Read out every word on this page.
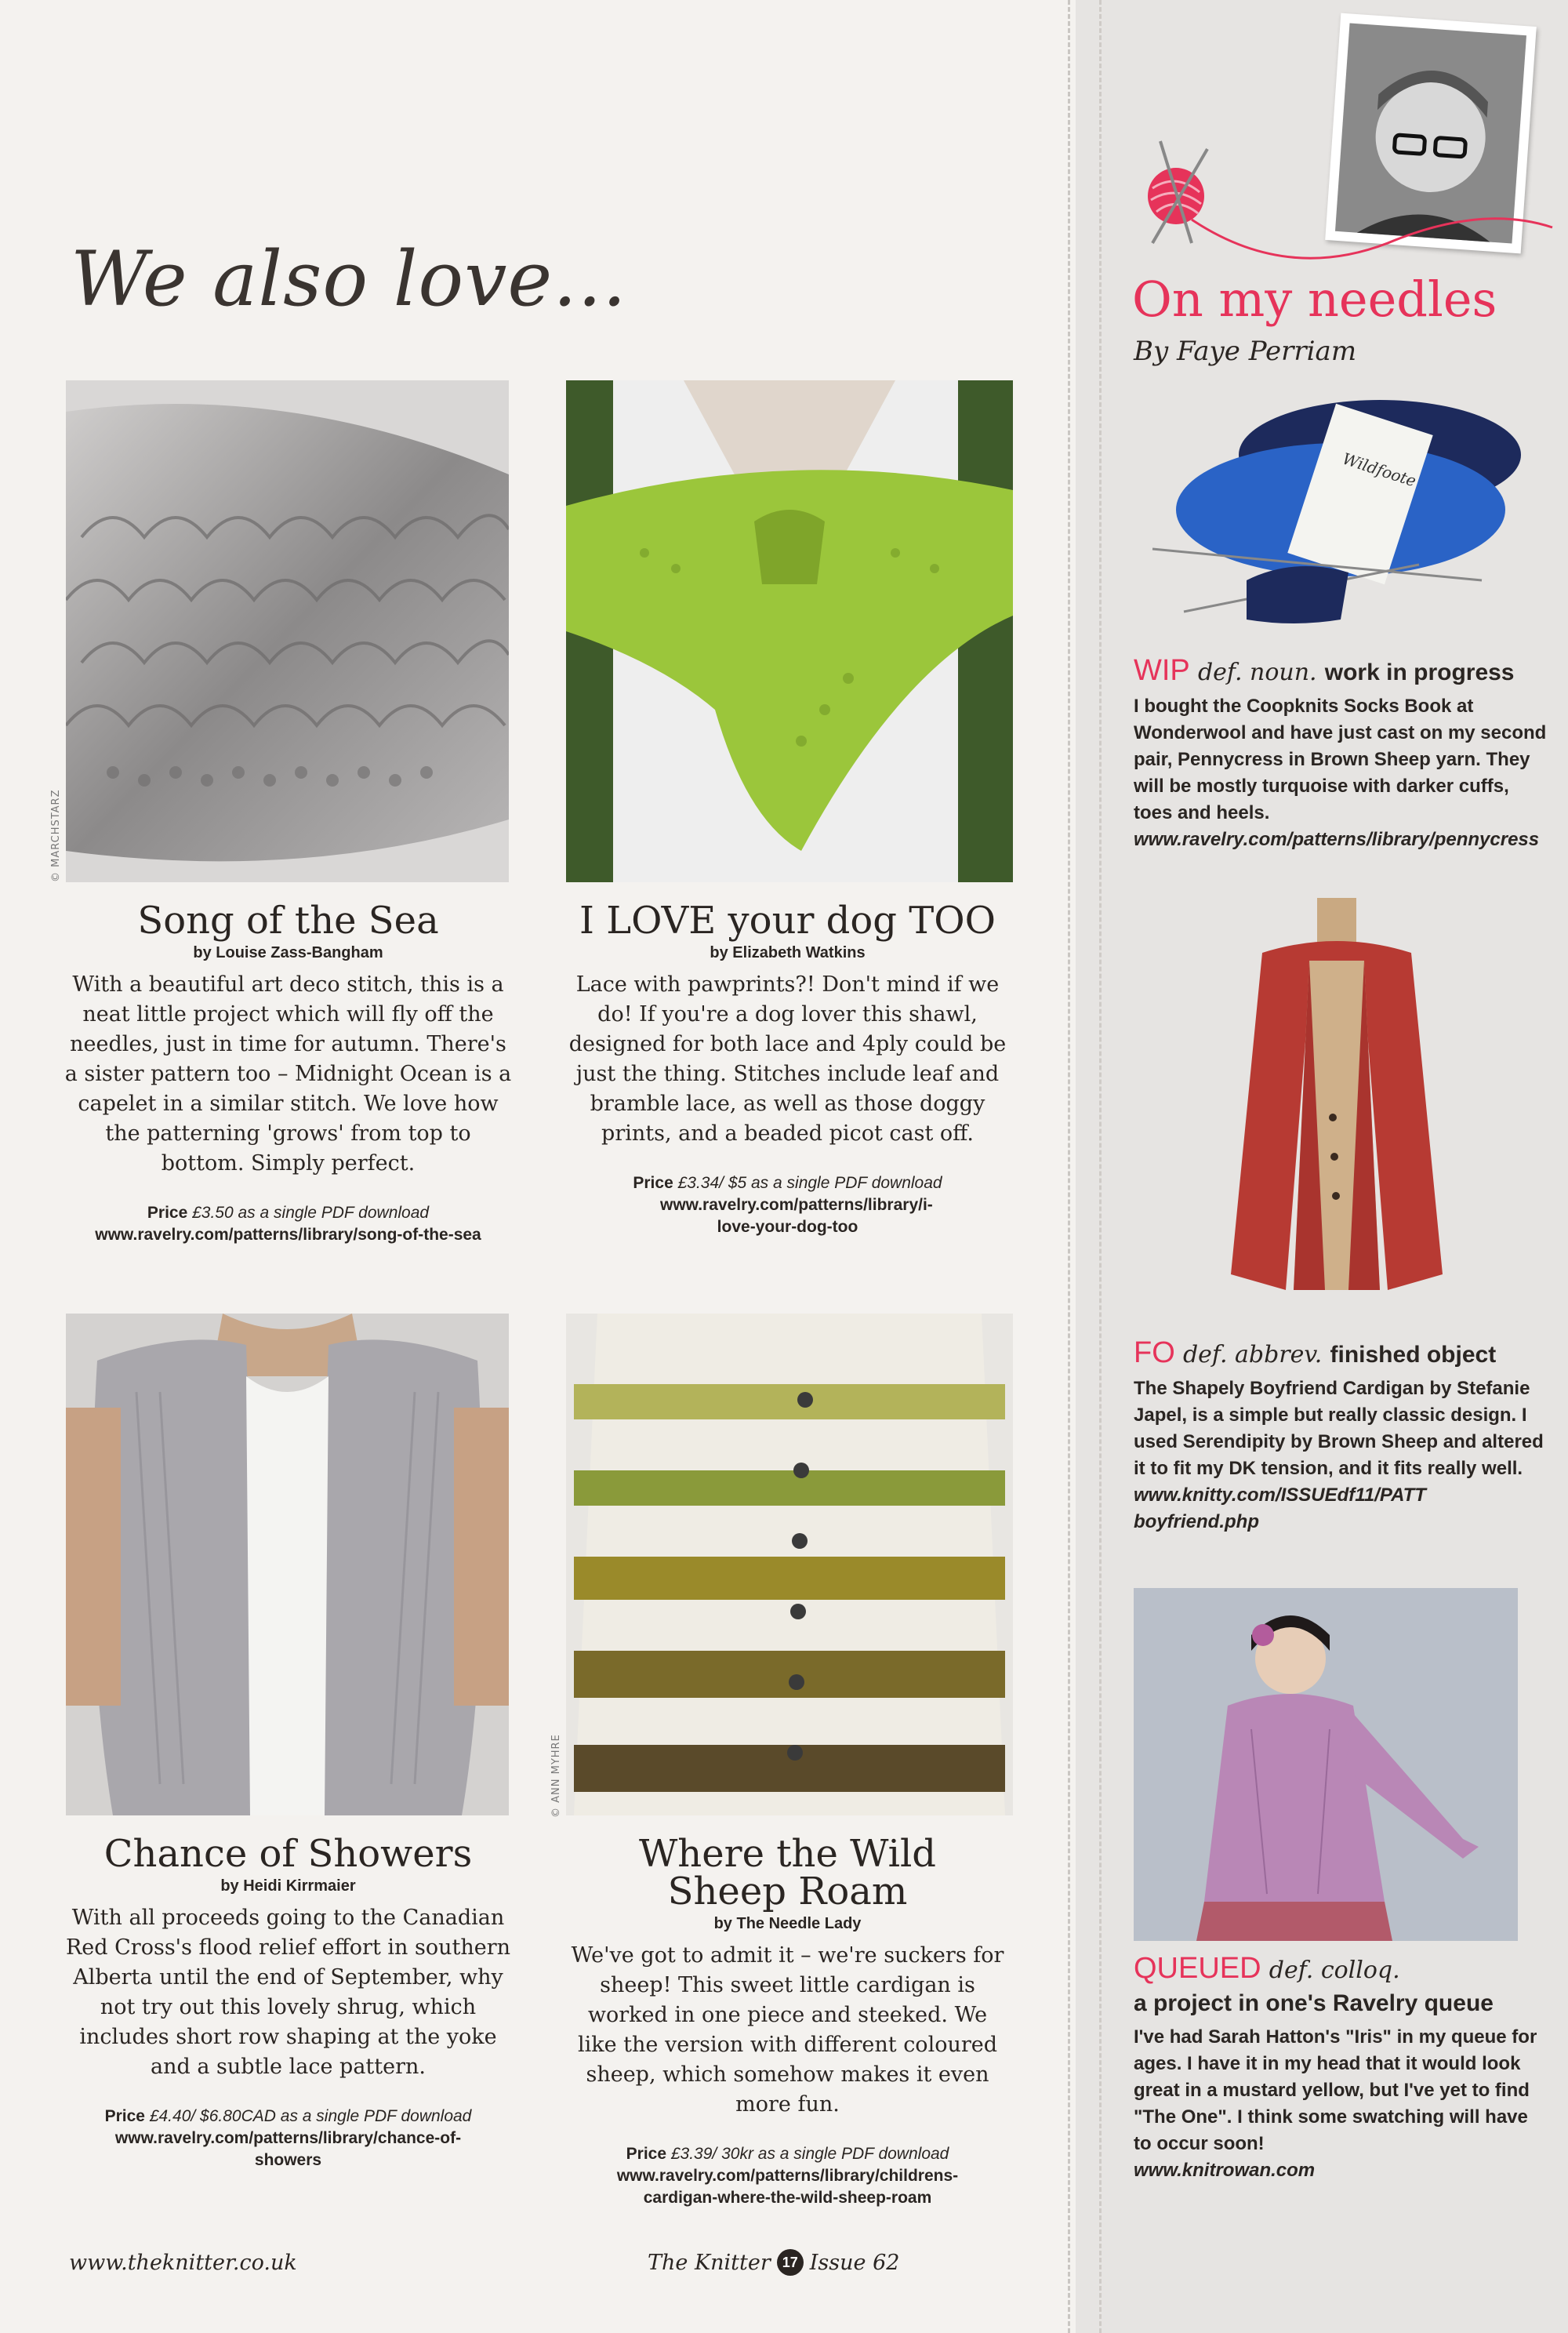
We also love...
© MARCHSTARZ

Song of the Sea

by Louise Zass-Bangham

With a beautiful art deco stitch, this is a neat little project which will fly off the needles, just in time for autumn. There's a sister pattern too – Midnight Ocean is a capelet in a similar stitch. We love how the patterning 'grows' from top to bottom. Simply perfect.

Price £3.50 as a single PDF download
www.ravelry.com/patterns/library/song-of-the-sea

I LOVE your dog TOO

by Elizabeth Watkins

Lace with pawprints?! Don't mind if we do! If you're a dog lover this shawl, designed for both lace and 4ply could be just the thing. Stitches include leaf and bramble lace, as well as those doggy prints, and a beaded picot cast off.

Price £3.34/ $5 as a single PDF download
www.ravelry.com/patterns/library/i-love-your-dog-too
© ANN MYHRE

Chance of Showers

by Heidi Kirrmaier

With all proceeds going to the Canadian Red Cross's flood relief effort in southern Alberta until the end of September, why not try out this lovely shrug, which includes short row shaping at the yoke and a subtle lace pattern.

Price £4.40/ $6.80CAD as a single PDF download
www.ravelry.com/patterns/library/chance-of-showers

Where the Wild Sheep Roam

by The Needle Lady

We've got to admit it – we're suckers for sheep! This sweet little cardigan is worked in one piece and steeked. We like the version with different coloured sheep, which somehow makes it even more fun.

Price £3.39/ 30kr as a single PDF download
www.ravelry.com/patterns/library/childrens-cardigan-where-the-wild-sheep-roam
On my needles
By Faye Perriam
Wildfoote
WIP def. noun. work in progress
I bought the Coopknits Socks Book at Wonderwool and have just cast on my second pair, Pennycress in Brown Sheep yarn. They will be mostly turquoise with darker cuffs, toes and heels.
www.ravelry.com/patterns/library/pennycress
FO def. abbrev. finished object
The Shapely Boyfriend Cardigan by Stefanie Japel, is a simple but really classic design. I used Serendipity by Brown Sheep and altered it to fit my DK tension, and it fits really well.
www.knitty.com/ISSUEdf11/PATTboyfriend.php
QUEUED def. colloq.
a project in one's Ravelry queue
I've had Sarah Hatton's "Iris" in my queue for ages. I have it in my head that it would look great in a mustard yellow, but I've yet to find "The One". I think some swatching will have to occur soon!
www.knitrowan.com
www.theknitter.co.uk	The Knitter 17 Issue 62
